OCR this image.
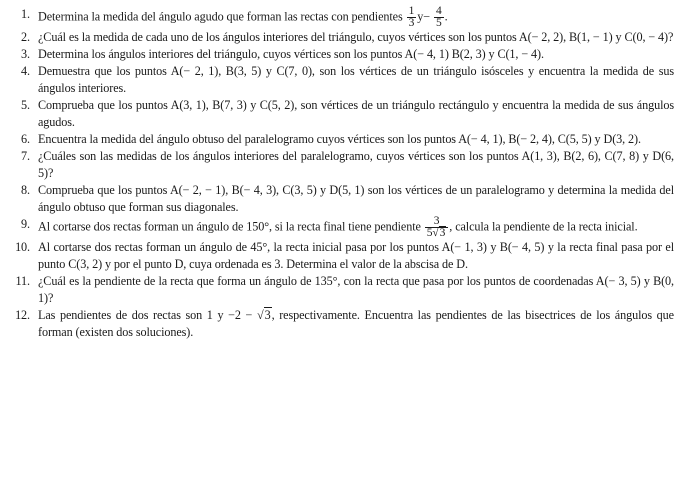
1. Determina la medida del ángulo agudo que forman las rectas con pendientes $\frac{1}{3} y- \frac{4}{5}$ .
2. ¿Cuál es la medida de cada uno de los ángulos interiores del triángulo, cuyos vértices son los puntos A(− 2, 2), B(1, − 1) y C(0, − 4)?
3. Determina los ángulos interiores del triángulo, cuyos vértices son los puntos A(− 4, 1) B(2, 3) y C(1, − 4).
4. Demuestra que los puntos A(− 2, 1), B(3, 5) y C(7, 0), son los vértices de un triángulo isósceles y encuentra la medida de sus ángulos interiores.
5. Comprueba que los puntos A(3, 1), B(7, 3) y C(5, 2), son vértices de un triángulo rectángulo y encuentra la medida de sus ángulos agudos.
6. Encuentra la medida del ángulo obtuso del paralelogramo cuyos vértices son los puntos A(− 4, 1), B(− 2, 4), C(5, 5) y D(3, 2).
7. ¿Cuáles son las medidas de los ángulos interiores del paralelogramo, cuyos vértices son los puntos A(1, 3), B(2, 6), C(7, 8) y D(6, 5)?
8. Comprueba que los puntos A(− 2, − 1), B(− 4, 3), C(3, 5) y D(5, 1) son los vértices de un paralelogramo y determina la medida del ángulo obtuso que forman sus diagonales.
9. Al cortarse dos rectas forman un ángulo de 150°, si la recta final tiene pendiente $\frac{3}{5√3}$ , calcula la pendiente de la recta inicial.
10. Al cortarse dos rectas forman un ángulo de 45°, la recta inicial pasa por los puntos A(− 1, 3) y B(− 4, 5) y la recta final pasa por el punto C(3, 2) y por el punto D, cuya ordenada es 3. Determina el valor de la abscisa de D.
11. ¿Cuál es la pendiente de la recta que forma un ángulo de 135°, con la recta que pasa por los puntos de coordenadas A(− 3, 5) y B(0, 1)?
12. Las pendientes de dos rectas son 1 y −2 − √3, respectivamente. Encuentra las pendientes de las bisectrices de los ángulos que forman (existen dos soluciones).
